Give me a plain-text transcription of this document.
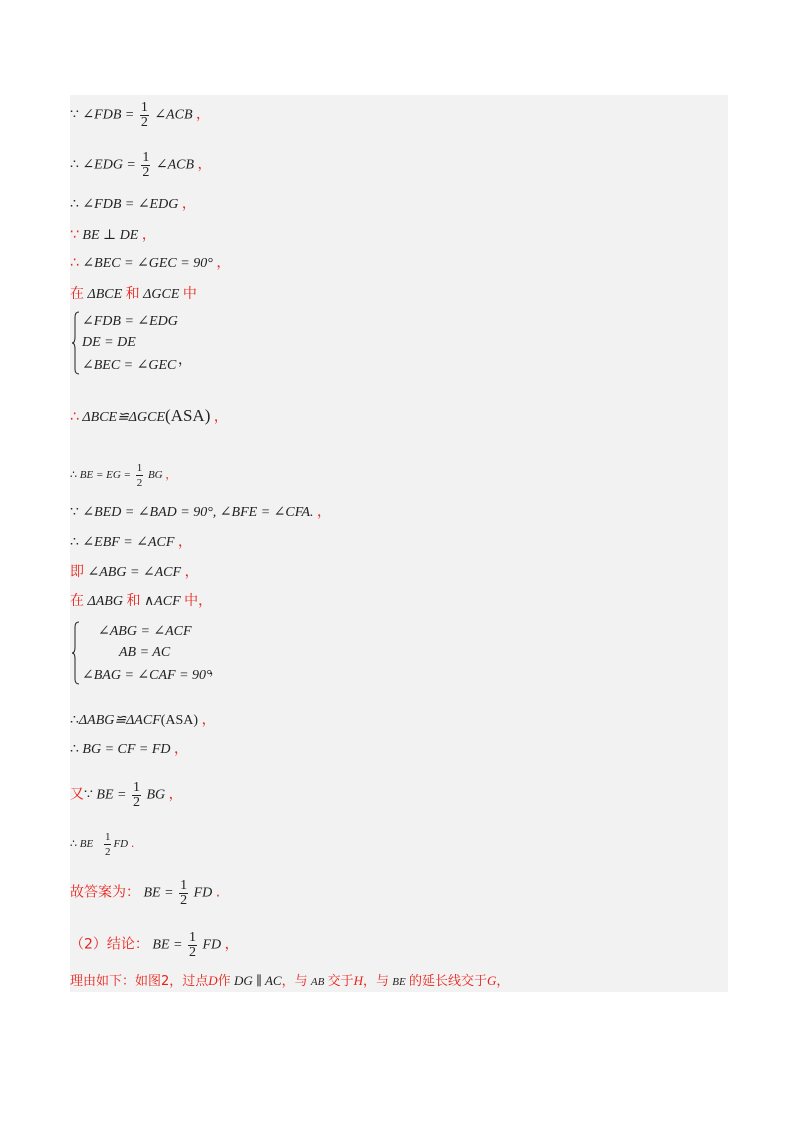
∵ ∠FDB = $\frac{1}{2}$ ∠ACB ，
∴ ∠EDG = $\frac{1}{2}$ ∠ACB ，
∴ ∠FDB = ∠EDG ，
∵ BE ⊥ DE ，
∴ ∠BEC = ∠GEC = 90° ，
在 ΔBCE 和 ΔGCE 中
∠FDB = ∠EDG
DE = DE
∠BEC = ∠GEC ，
∴ ΔBCE≌ΔGCE(ASA) ，
∴ BE = EG = $\frac{1}{2}$ BG ，
∵ ∠BED = ∠BAD = 90°, ∠BFE = ∠CFA. ，
∴ ∠EBF = ∠ACF ，
即 ∠ABG = ∠ACF ，
在 ΔABG 和 ∧ACF 中，
∠ABG = ∠ACF
AB = AC
∠BAG = ∠CAF = 90°
，
∴ΔABG≌ΔACF(ASA) ，
∴ BG = CF = FD ，
又∵ BE = $\frac{1}{2}$ BG ，
∴ BE $\frac{1}{2}$ FD .
故答案为： BE = $\frac{1}{2}$ FD .
（2）结论： BE = $\frac{1}{2}$ FD ，
理由如下：如图2，过点D作 DG ∥ AC，与 AB 交于H，与 BE 的延长线交于G，
